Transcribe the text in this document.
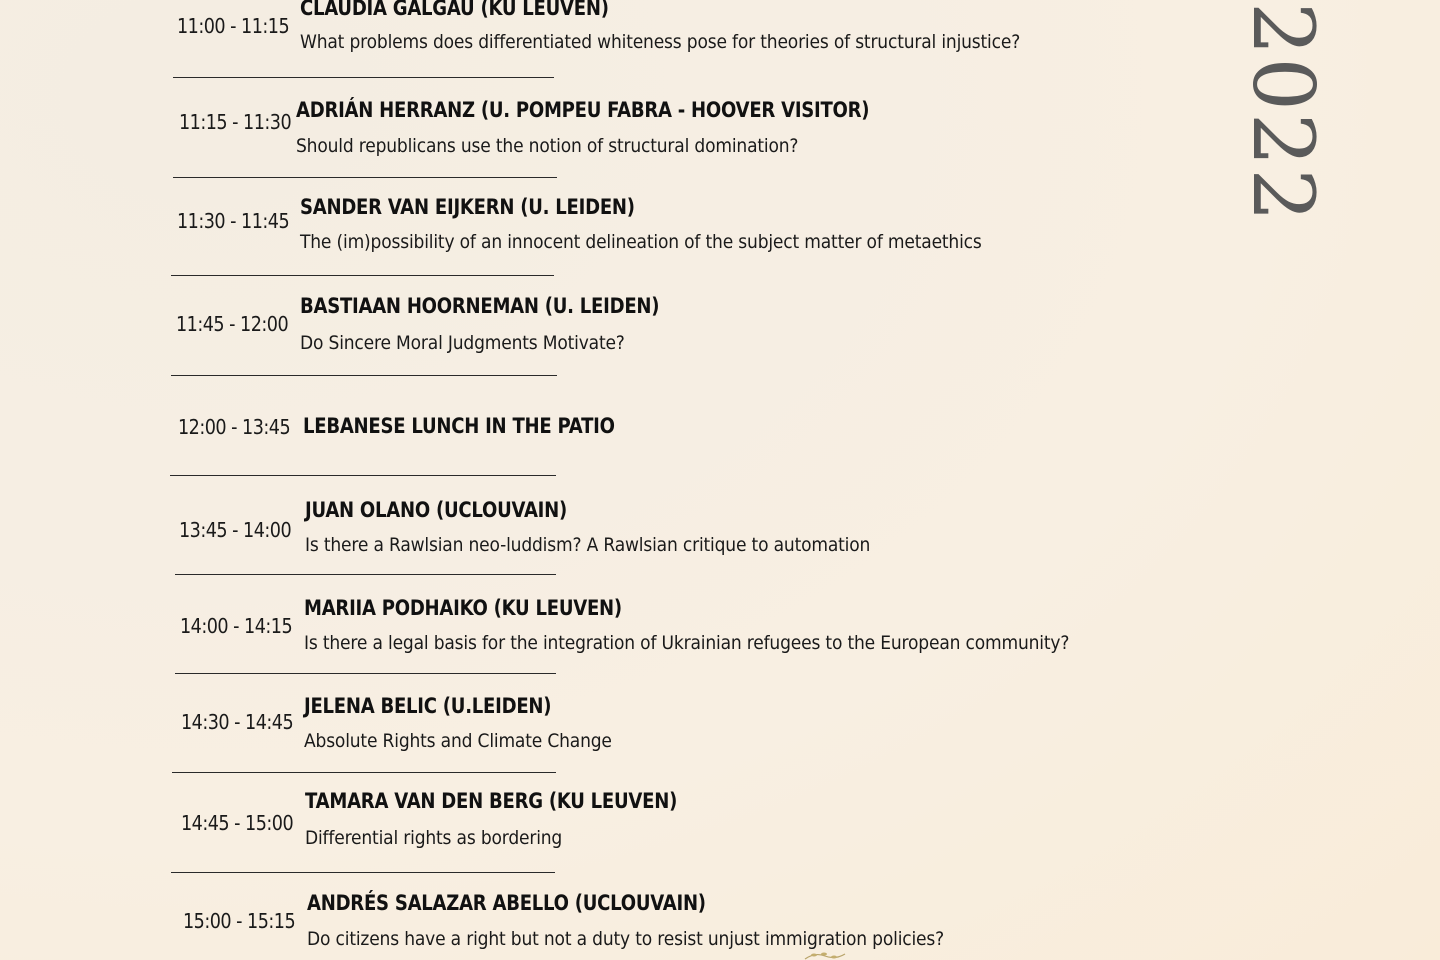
2022
11:00 - 11:15
CLAUDIA GALGAU (KU LEUVEN)
What problems does differentiated whiteness pose for theories of structural injustice?
11:15 - 11:30 ADRIÁN HERRANZ (U. POMPEU FABRA - HOOVER VISITOR)
Should republicans use the notion of structural domination?
11:30 - 11:45
SANDER VAN EIJKERN (U. LEIDEN)
The (im)possibility of an innocent delineation of the subject matter of metaethics
11:45 - 12:00
BASTIAAN HOORNEMAN (U. LEIDEN)
Do Sincere Moral Judgments Motivate?
12:00 - 13:45 LEBANESE LUNCH IN THE PATIO
13:45 - 14:00
JUAN OLANO (UCLOUVAIN)
Is there a Rawlsian neo-luddism? A Rawlsian critique to automation
14:00 - 14:15
MARIIA PODHAIKO (KU LEUVEN)
Is there a legal basis for the integration of Ukrainian refugees to the European community?
14:30 - 14:45
JELENA BELIC (U.LEIDEN)
Absolute Rights and Climate Change
14:45 - 15:00
TAMARA VAN DEN BERG (KU LEUVEN)
Differential rights as bordering
15:00 - 15:15
ANDRÉS SALAZAR ABELLO (UCLOUVAIN)
Do citizens have a right but not a duty to resist unjust immigration policies?
